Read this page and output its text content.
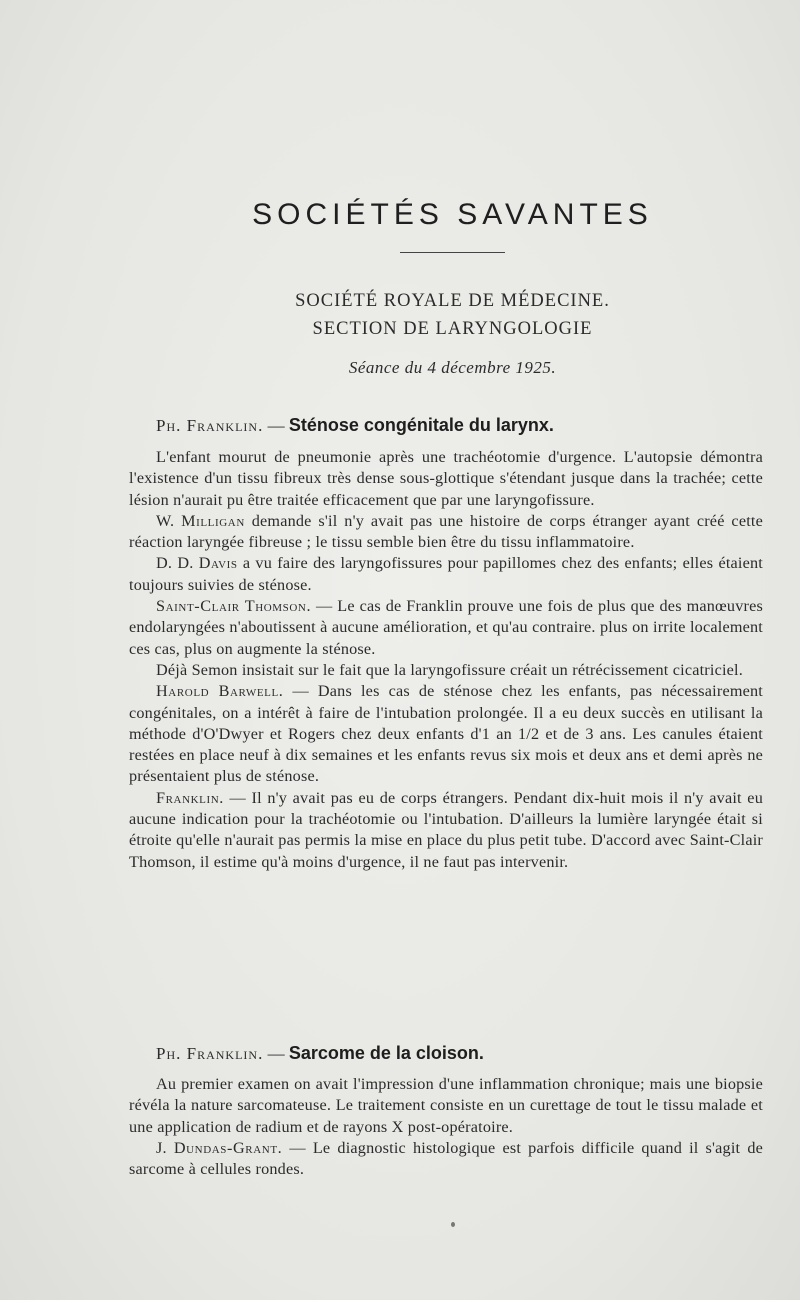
SOCIÉTÉS SAVANTES
SOCIÉTÉ ROYALE DE MÉDECINE.
SECTION DE LARYNGOLOGIE
Séance du 4 décembre 1925.
Ph. Franklin. — Sténose congénitale du larynx.

L'enfant mourut de pneumonie après une trachéotomie d'urgence. L'autopsie démontra l'existence d'un tissu fibreux très dense sous-glottique s'étendant jusque dans la trachée; cette lésion n'aurait pu être traitée efficacement que par une laryngofissure.

W. Milligan demande s'il n'y avait pas une histoire de corps étranger ayant créé cette réaction laryngée fibreuse ; le tissu semble bien être du tissu inflammatoire.

D. D. Davis a vu faire des laryngofissures pour papillomes chez des enfants; elles étaient toujours suivies de sténose.

Saint-Clair Thomson. — Le cas de Franklin prouve une fois de plus que des manœuvres endolaryngées n'aboutissent à aucune amélioration, et qu'au contraire. plus on irrite localement ces cas, plus on augmente la sténose.

Déjà Semon insistait sur le fait que la laryngofissure créait un rétrécissement cicatriciel.

Harold Barwell. — Dans les cas de sténose chez les enfants, pas nécessairement congénitales, on a intérêt à faire de l'intubation prolongée. Il a eu deux succès en utilisant la méthode d'O'Dwyer et Rogers chez deux enfants d'1 an 1/2 et de 3 ans. Les canules étaient restées en place neuf à dix semaines et les enfants revus six mois et deux ans et demi après ne présentaient plus de sténose.

Franklin. — Il n'y avait pas eu de corps étrangers. Pendant dix-huit mois il n'y avait eu aucune indication pour la trachéotomie ou l'intubation. D'ailleurs la lumière laryngée était si étroite qu'elle n'aurait pas permis la mise en place du plus petit tube. D'accord avec Saint-Clair Thomson, il estime qu'à moins d'urgence, il ne faut pas intervenir.

Ph. Franklin. — Sarcome de la cloison.

Au premier examen on avait l'impression d'une inflammation chronique; mais une biopsie révéla la nature sarcomateuse. Le traitement consiste en un curettage de tout le tissu malade et une application de radium et de rayons X post-opératoire.

J. Dundas-Grant. — Le diagnostic histologique est parfois difficile quand il s'agit de sarcome à cellules rondes.
